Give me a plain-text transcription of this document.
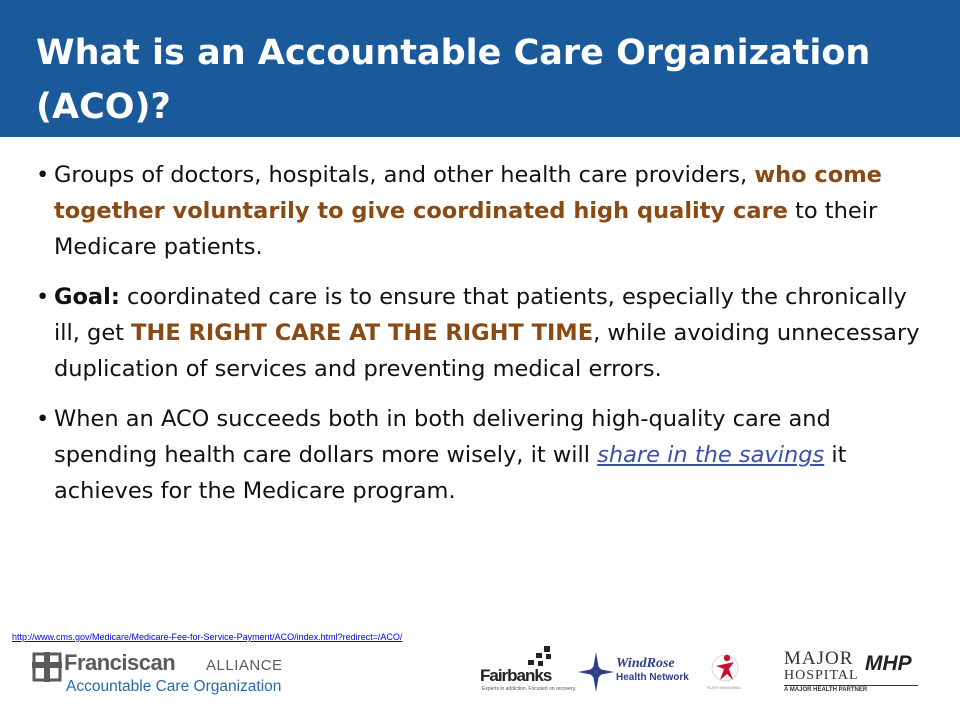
What is an Accountable Care Organization (ACO)?
• Groups of doctors, hospitals, and other health care providers, who come together voluntarily to give coordinated high quality care to their Medicare patients.
• Goal: coordinated care is to ensure that patients, especially the chronically ill, get THE RIGHT CARE AT THE RIGHT TIME, while avoiding unnecessary duplication of services and preventing medical errors.
• When an ACO succeeds both in both delivering high-quality care and spending health care dollars more wisely, it will share in the savings it achieves for the Medicare program.
http://www.cms.gov/Medicare/Medicare-Fee-for-Service-Payment/ACO/index.html?redirect=/ACO/
Franciscan ALLIANCE
Accountable Care Organization
Fairbanks
Experts in addiction. Focused on recovery.
WindRose
Health Network
RUSH MEMORIAL
MAJOR
HOSPITAL
MHP
A MAJOR HEALTH PARTNER
